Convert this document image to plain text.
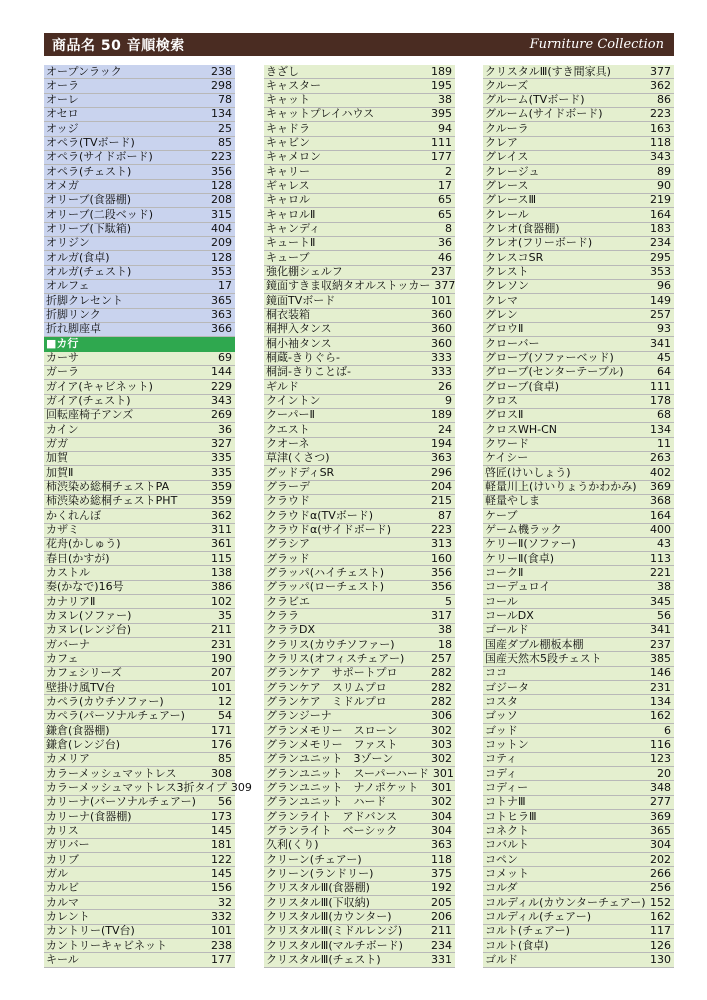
商品名 50 音順検索	Furniture Collection
オープンラック	238
オーラ	298
オーレ	78
オセロ	134
オッジ	25
オペラ(TVボード)	85
オペラ(サイドボード)	223
オペラ(チェスト)	356
オメガ	128
オリーブ(食器棚)	208
オリーブ(二段ベッド)	315
オリーブ(下駄箱)	404
オリジン	209
オルガ(食卓)	128
オルガ(チェスト)	353
オルフェ	17
折脚クレセント	365
折脚リンク	363
折れ脚座卓	366
■カ行
カーサ	69
ガーラ	144
ガイア(キャビネット)	229
ガイア(チェスト)	343
回転座椅子アンズ	269
カイン	36
ガガ	327
加賀	335
加賀Ⅱ	335
柿渋染め総桐チェストPA	359
柿渋染め総桐チェストPHT	359
かくれんぼ	362
カザミ	311
花舟(かしゅう)	361
春日(かすが)	115
カストル	138
奏(かなで)16号	386
カナリアⅡ	102
カヌレ(ソファー)	35
カヌレ(レンジ台)	211
ガバーナ	231
カフェ	190
カフェシリーズ	207
壁掛け風TV台	101
カペラ(カウチソファー)	12
カペラ(パーソナルチェアー)	54
鎌倉(食器棚)	171
鎌倉(レンジ台)	176
カメリア	85
カラーメッシュマットレス	308
カラーメッシュマットレス3折タイプ 309
カリーナ(パーソナルチェアー)	56
カリーナ(食器棚)	173
カリス	145
ガリバー	181
カリブ	122
ガル	145
カルビ	156
カルマ	32
カレント	332
カントリー(TV台)	101
カントリーキャビネット	238
キール	177
きざし	189
キャスター	195
キャット	38
キャットプレイハウス	395
キャドラ	94
キャビン	111
キャメロン	177
キャリー	2
ギャレス	17
キャロル	65
キャロルⅡ	65
キャンディ	8
キュートⅡ	36
キューブ	46
強化棚シェルフ	237
鏡面すきま収納タオルストッカー 377
鏡面TVボード	101
桐衣装箱	360
桐押入タンス	360
桐小袖タンス	360
桐蔵-きりぐら-	333
桐詞-きりことば-	333
ギルド	26
クイントン	9
クーパーⅡ	189
クエスト	24
クオーネ	194
草津(くさつ)	363
グッドディSR	296
グラーデ	204
クラウド	215
クラウドα(TVボード)	87
クラウドα(サイドボード)	223
グラシア	313
グラッド	160
グラッパ(ハイチェスト)	356
グラッパ(ローチェスト)	356
クラビエ	5
クララ	317
クララDX	38
クラリス(カウチソファー)	18
クラリス(オフィスチェアー)	257
グランケア　サポートプロ	282
グランケア　スリムプロ	282
グランケア　ミドルプロ	282
グランジーナ	306
グランメモリー　スローン	302
グランメモリー　ファスト	303
グランユニット　3ゾーン	302
グランユニット　スーパーハード 301
グランユニット　ナノポケット	301
グランユニット　ハード	302
グランライト　アドバンス	304
グランライト　ベーシック	304
久利(くり)	363
クリーン(チェアー)	118
クリーン(ランドリー)	375
クリスタルⅢ(食器棚)	192
クリスタルⅢ(下収納)	205
クリスタルⅢ(カウンター)	206
クリスタルⅢ(ミドルレンジ)	211
クリスタルⅢ(マルチボード)	234
クリスタルⅢ(チェスト)	331
クリスタルⅢ(すき間家具)	377
クルーズ	362
グルーム(TVボード)	86
グルーム(サイドボード)	223
クルーラ	163
クレア	118
グレイス	343
クレージュ	89
グレース	90
グレースⅢ	219
クレール	164
クレオ(食器棚)	183
クレオ(フリーボード)	234
クレスコSR	295
クレスト	353
クレソン	96
クレマ	149
グレン	257
グロウⅡ	93
クローバー	341
グローブ(ソファーベッド)	45
グローブ(センターテーブル)	64
グローブ(食卓)	111
クロス	178
グロスⅡ	68
クロスWH-CN	134
クワード	11
ケイシー	263
啓匠(けいしょう)	402
軽量川上(けいりょうかわかみ)	369
軽量やしま	368
ケーブ	164
ゲーム機ラック	400
ケリーⅡ(ソファー)	43
ケリーⅡ(食卓)	113
コークⅡ	221
コーデュロイ	38
コール	345
コールDX	56
ゴールド	341
国産ダブル棚板本棚	237
国産天然木5段チェスト	385
ココ	146
ゴジータ	231
コスタ	134
ゴッソ	162
ゴッド	6
コットン	116
コティ	123
コディ	20
コディー	348
コトナⅢ	277
コトヒラⅢ	369
コネクト	365
コバルト	304
コペン	202
コメット	266
コルダ	256
コルディル(カウンターチェアー) 152
コルディル(チェアー)	162
コルト(チェアー)	117
コルト(食卓)	126
ゴルド	130
